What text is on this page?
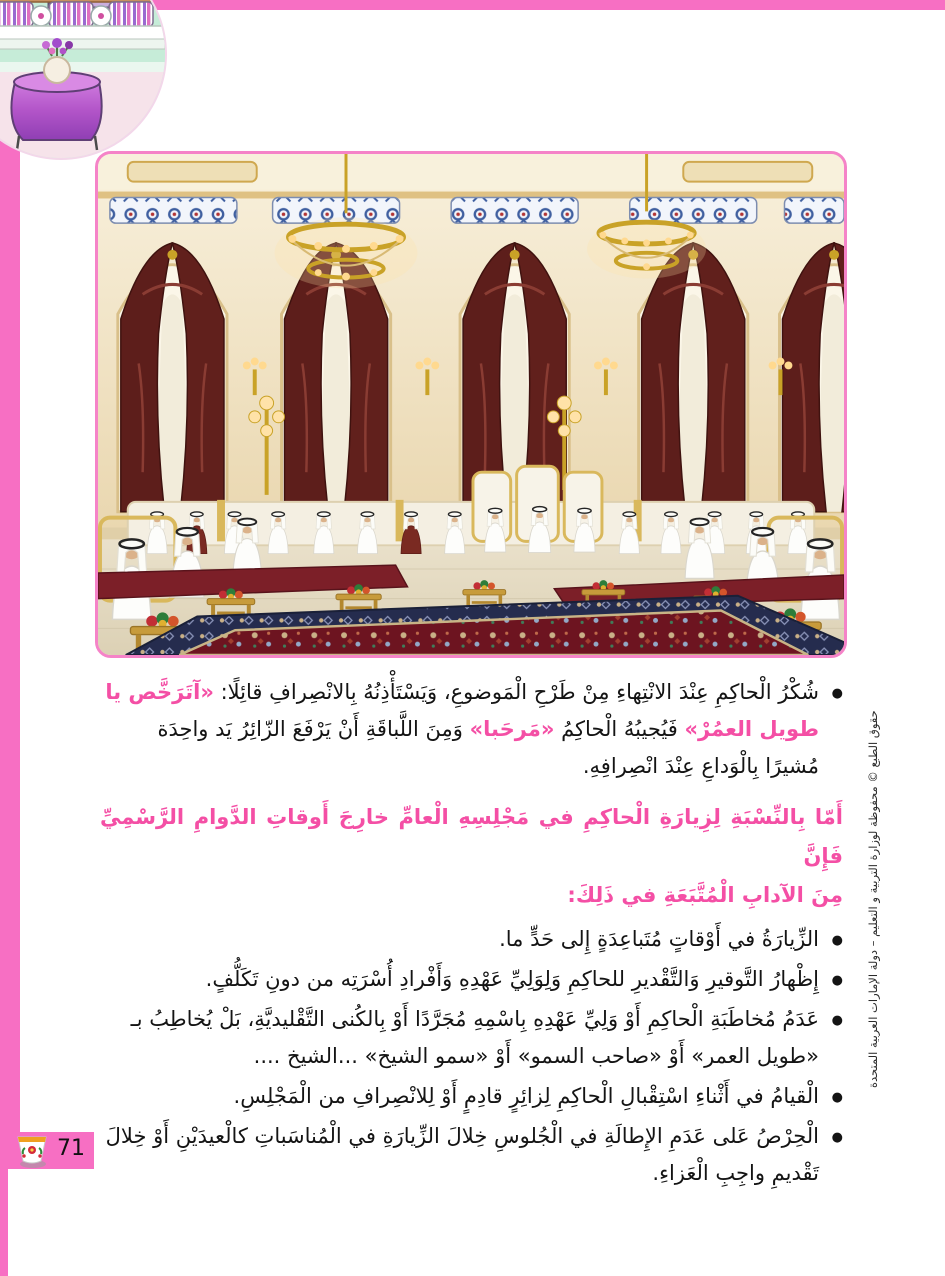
● شُكْرُ الْحاكِمِ عِنْدَ الانْتِهاءِ مِنْ طَرْحِ الْمَوضوعِ، وَيَسْتَأْذِنُهُ بِالانْصِرافِ قائِلًا: «آتَرَخَّص يا طويل العمُرْ» فَيُجيبُهُ الْحاكِمُ «مَرحَبا» وَمِنَ اللَّباقَةِ أَنْ يَرْفَعَ الزّائِرُ يَد واحِدَة مُشيرًا بِالْوَداعِ عِنْدَ انْصِرافِهِ.
أَمّا بِالنِّسْبَةِ لِزِيارَةِ الْحاكِمِ في مَجْلِسِهِ الْعامِّ خارِجَ أَوقاتِ الدَّوامِ الرَّسْمِيِّ فَإِنَّ
مِنَ الآدابِ الْمُتَّبَعَةِ في ذَلِكَ:
● الزِّيارَةُ في أَوْقاتٍ مُتَباعِدَةٍ إِلى حَدٍّ ما.
● إِظْهارُ التَّوقيرِ وَالتَّقْديرِ للحاكِمِ وَلِوَلِيِّ عَهْدِهِ وَأَفْرادِ أُسْرَتِه من دونِ تَكَلُّفٍ.
● عَدَمُ مُخاطَبَةِ الْحاكِمِ أَوْ وَلِيِّ عَهْدِهِ بِاسْمِهِ مُجَرَّدًا أَوْ بِالكُنى التَّقْليديَّةِ، بَلْ يُخاطِبُ بـ «طويل العمر» أَوْ «صاحب السمو» أَوْ «سمو الشيخ» ...الشيخ ....
● الْقيامُ في أَثْناءِ اسْتِقْبالِ الْحاكِمِ لِزائِرٍ قادِمٍ أَوْ لِلانْصِرافِ من الْمَجْلِسِ.
● الْحِرْصُ عَلى عَدَمِ الإِطالَةِ في الْجُلوسِ خِلالَ الزِّيارَةِ في الْمُناسَباتِ كالْعيدَيْنِ أَوْ خِلالَ تَقْديمِ واجِبِ الْعَزاءِ.
حقوق الطبع © محفوظة لوزارة التربية و التعليم – دولة الإمارات العربية المتحدة
71
